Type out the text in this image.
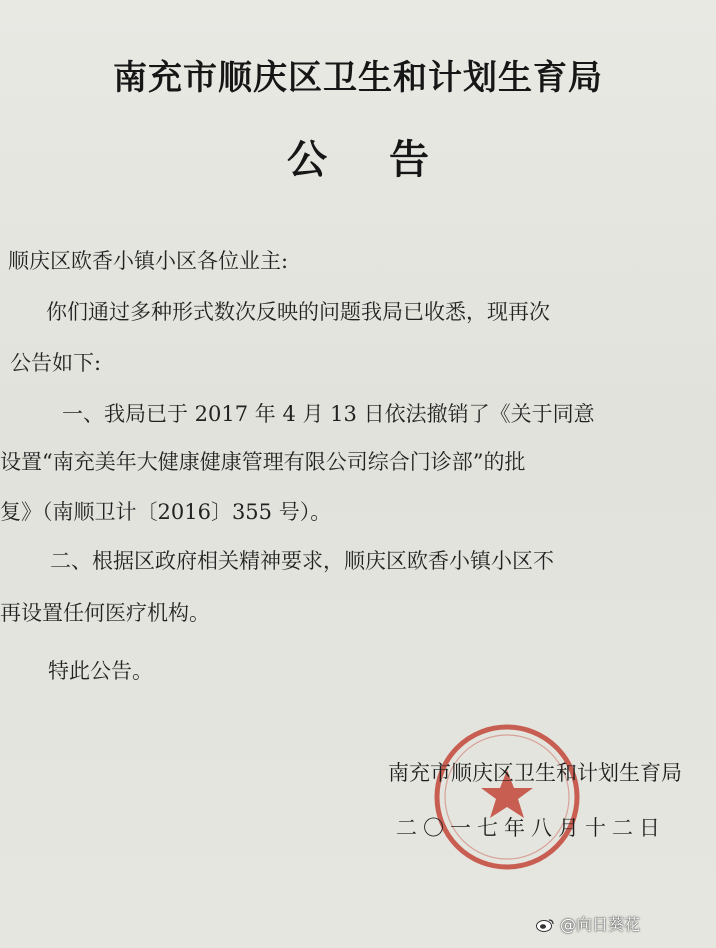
南充市顺庆区卫生和计划生育局
公告
顺庆区欧香小镇小区各位业主:
你们通过多种形式数次反映的问题我局已收悉，现再次
公告如下:
一、我局已于 2017 年 4 月 13 日依法撤销了《关于同意
设置“南充美年大健康健康管理有限公司综合门诊部”的批
复》（南顺卫计〔2016〕355 号）。
二、根据区政府相关精神要求，顺庆区欧香小镇小区不
再设置任何医疗机构。
特此公告。
南充市顺庆区卫生和计划生育局
二〇一七年八月十二日
@向日葵花
